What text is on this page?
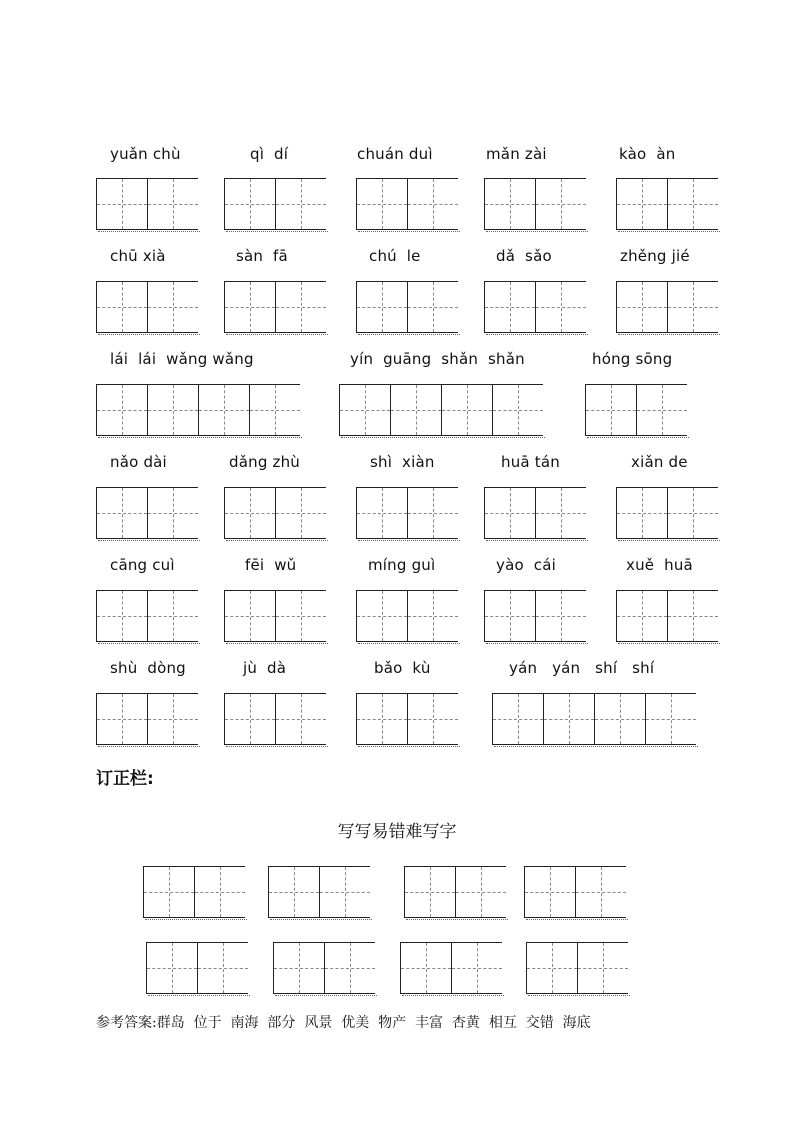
yuǎn chù	qì  dí	chuán duì	mǎn zài	kào  àn
chū xià	sàn  fā	chú  le	dǎ  sǎo	zhěng jié
lái  lái  wǎng wǎng	yín  guāng  shǎn  shǎn	hóng sōng
nǎo dài	dǎng zhù	shì  xiàn	huā tán	xiǎn de
cāng cuì	fēi  wǔ	míng guì	yào  cái	xuě  huā
shù  dòng	jù  dà	bǎo  kù	yán   yán   shí   shí
订正栏:
写写易错难写字
参考答案:群岛  位于  南海  部分  风景  优美  物产  丰富  杏黄  相互  交错  海底
